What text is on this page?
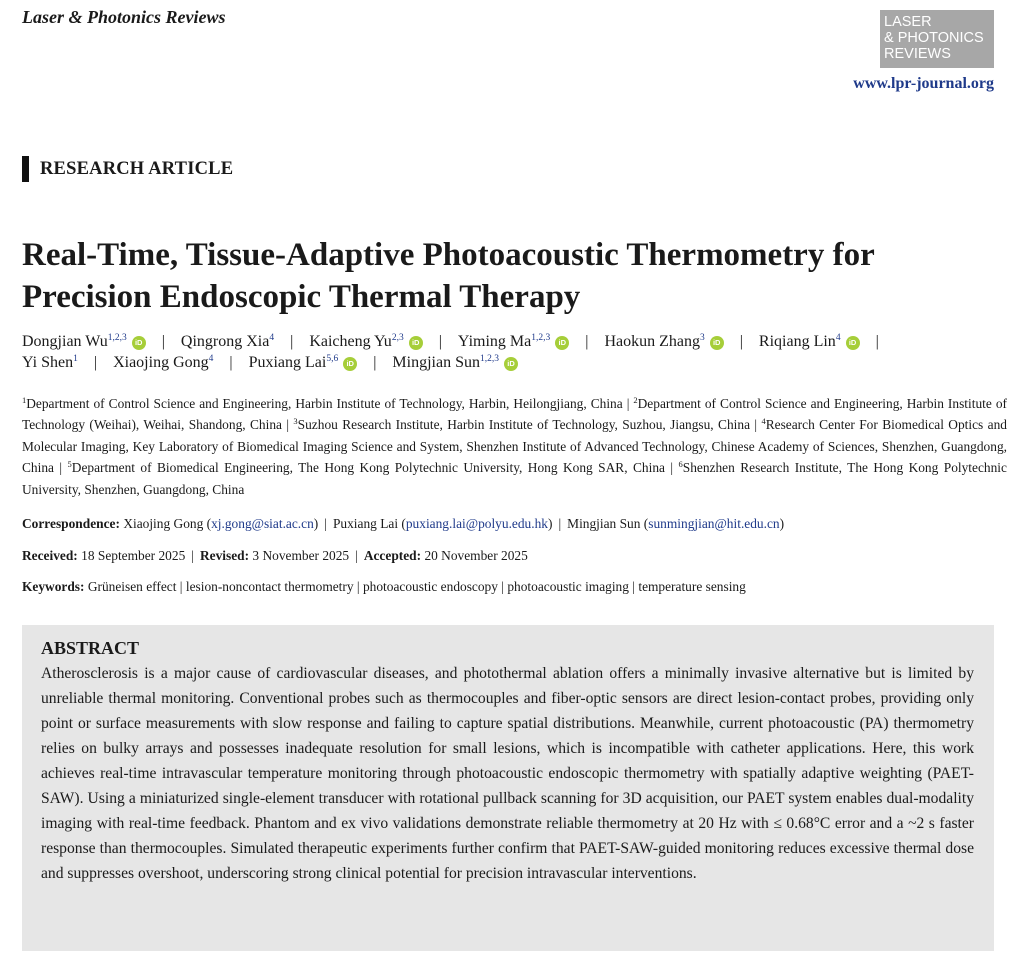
Laser & Photonics Reviews	LASER
& PHOTONICS
REVIEWS
www.lpr-journal.org
RESEARCH ARTICLE
Real-Time, Tissue-Adaptive Photoacoustic Thermometry for Precision Endoscopic Thermal Therapy
Dongjian Wu$^{1,2,3}$ iD | Qingrong Xia$^4$ | Kaicheng Yu$^{2,3}$ iD | Yiming Ma$^{1,2,3}$ iD | Haokun Zhang$^3$ iD | Riqiang Lin$^4$ iD |
Yi Shen$^1$ | Xiaojing Gong$^4$ | Puxiang Lai$^{5,6}$ iD | Mingjian Sun$^{1,2,3}$ iD
$^1$Department of Control Science and Engineering, Harbin Institute of Technology, Harbin, Heilongjiang, China | $^2$Department of Control Science and Engineering, Harbin Institute of Technology (Weihai), Weihai, Shandong, China | $^3$Suzhou Research Institute, Harbin Institute of Technology, Suzhou, Jiangsu, China | $^4$Research Center For Biomedical Optics and Molecular Imaging, Key Laboratory of Biomedical Imaging Science and System, Shenzhen Institute of Advanced Technology, Chinese Academy of Sciences, Shenzhen, Guangdong, China | $^5$Department of Biomedical Engineering, The Hong Kong Polytechnic University, Hong Kong SAR, China | $^6$Shenzhen Research Institute, The Hong Kong Polytechnic University, Shenzhen, Guangdong, China
Correspondence: Xiaojing Gong (xj.gong@siat.ac.cn) | Puxiang Lai (puxiang.lai@polyu.edu.hk) | Mingjian Sun (sunmingjian@hit.edu.cn)
Received: 18 September 2025 | Revised: 3 November 2025 | Accepted: 20 November 2025
Keywords: Grüneisen effect | lesion-noncontact thermometry | photoacoustic endoscopy | photoacoustic imaging | temperature sensing
ABSTRACT

Atherosclerosis is a major cause of cardiovascular diseases, and photothermal ablation offers a minimally invasive alternative but is limited by unreliable thermal monitoring. Conventional probes such as thermocouples and fiber-optic sensors are direct lesion-contact probes, providing only point or surface measurements with slow response and failing to capture spatial distributions. Meanwhile, current photoacoustic (PA) thermometry relies on bulky arrays and possesses inadequate resolution for small lesions, which is incompatible with catheter applications. Here, this work achieves real-time intravascular temperature monitoring through photoacoustic endoscopic thermometry with spatially adaptive weighting (PAET-SAW). Using a miniaturized single-element transducer with rotational pullback scanning for 3D acquisition, our PAET system enables dual-modality imaging with real-time feedback. Phantom and ex vivo validations demonstrate reliable thermometry at 20 Hz with ≤ 0.68°C error and a ~2 s faster response than thermocouples. Simulated therapeutic experiments further confirm that PAET-SAW-guided monitoring reduces excessive thermal dose and suppresses overshoot, underscoring strong clinical potential for precision intravascular interventions.
